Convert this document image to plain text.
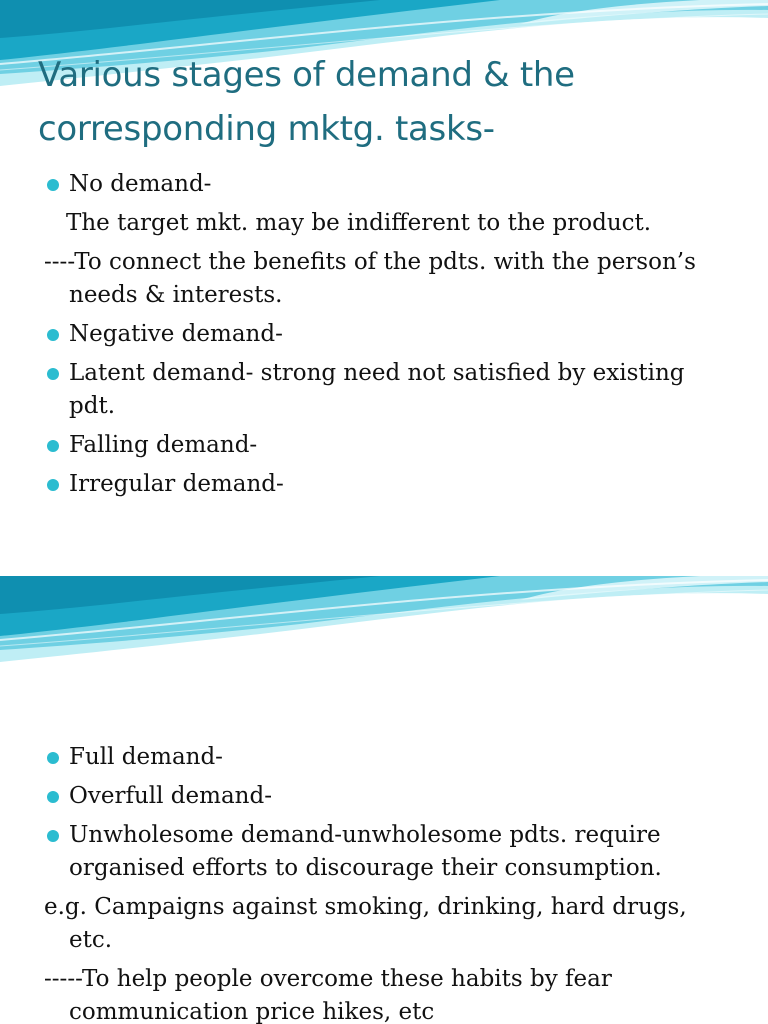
Various stages of demand & the corresponding mktg. tasks-
No demand-
The target mkt. may be indifferent to the product.
----To connect the benefits of the pdts. with the person’s needs & interests.
Negative demand-
Latent demand- strong need not satisfied by existing pdt.
Falling demand-
Irregular demand-
Full demand-
Overfull demand-
Unwholesome demand-unwholesome pdts. require organised efforts to discourage their consumption.
e.g. Campaigns against smoking, drinking, hard drugs, etc.
-----To help people overcome these habits by fear communication price hikes, etc
